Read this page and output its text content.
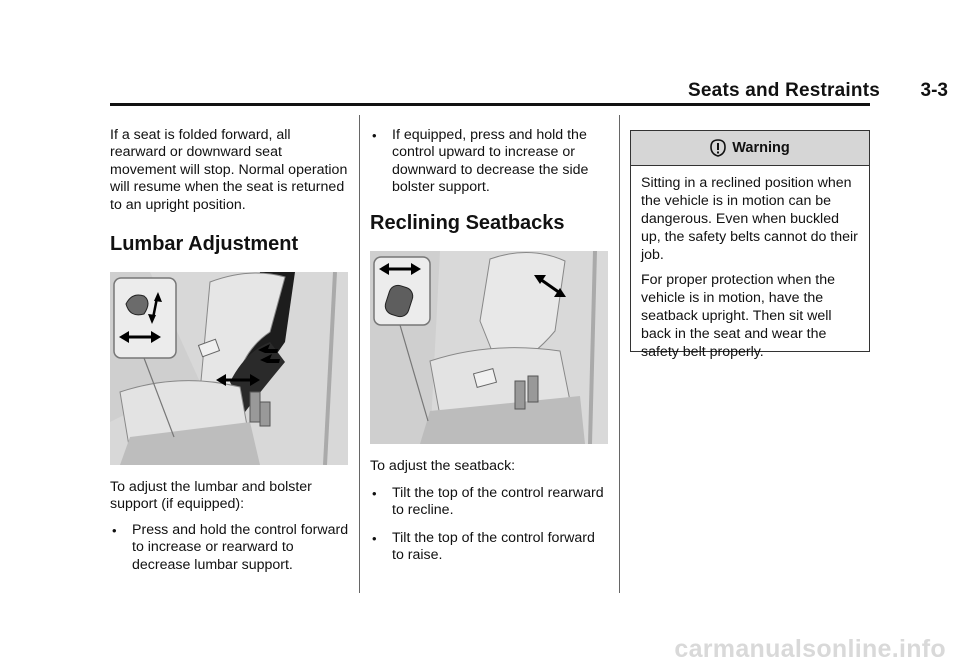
Seats and Restraints 3-3

If a seat is folded forward, all rearward or downward seat movement will stop. Normal operation will resume when the seat is returned to an upright position.

Lumbar Adjustment

To adjust the lumbar and bolster support (if equipped):

• Press and hold the control forward to increase or rearward to decrease lumbar support.
• If equipped, press and hold the control upward to increase or downward to decrease the side bolster support.
Reclining Seatbacks

To adjust the seatback:

• Tilt the top of the control rearward to recline.
• Tilt the top of the control forward to raise.
Warning

Sitting in a reclined position when the vehicle is in motion can be dangerous. Even when buckled up, the safety belts cannot do their job.

For proper protection when the vehicle is in motion, have the seatback upright. Then sit well back in the seat and wear the safety belt properly.

carmanualsonline.info
